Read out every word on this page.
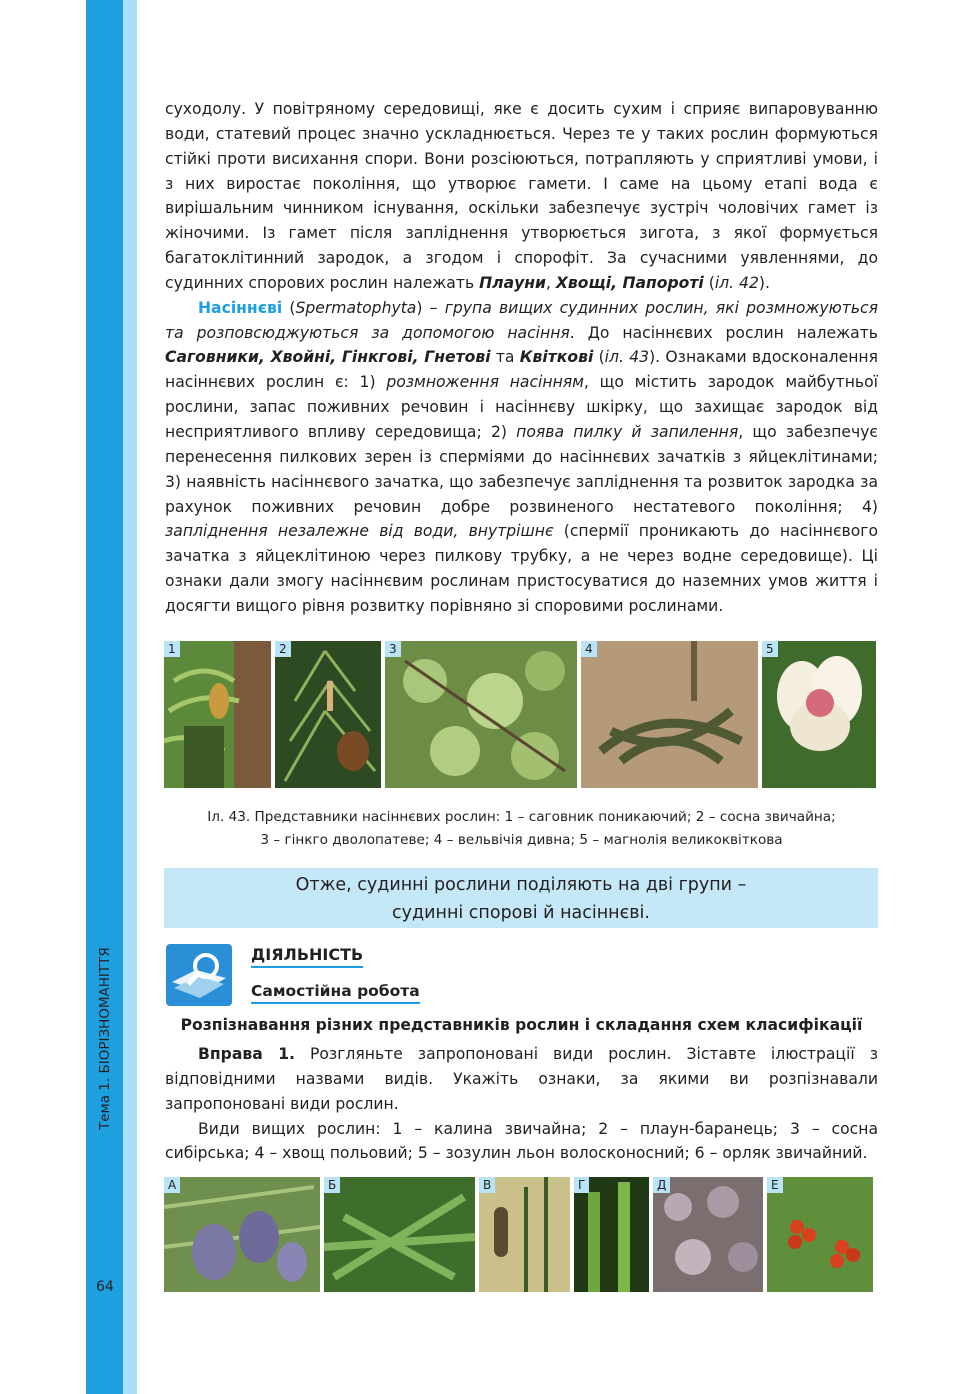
Тема 1. БІОРІЗНОМАНІТТЯ
64

суходолу. У повітряному середовищі, яке є досить сухим і сприяє випаровуванню води, статевий процес значно ускладнюється. Через те у таких рослин формуються стійкі проти висихання спори. Вони розсіюються, потрапляють у сприятливі умови, і з них виростає покоління, що утворює гамети. І саме на цьому етапі вода є вирішальним чинником існування, оскільки забезпечує зустріч чоловічих гамет із жіночими. Із гамет після запліднення утворюється зигота, з якої формується багатоклітинний зародок, а згодом і спорофіт. За сучасними уявленнями, до судинних спорових рослин належать Плауни, Хвощі, Папороті (іл. 42).

Насіннєві (Spermatophyta) – група вищих судинних рослин, які розмножуються та розповсюджуються за допомогою насіння. До насіннєвих рослин належать Саговники, Хвойні, Гінкгові, Гнетові та Квіткові (іл. 43). Ознаками вдосконалення насіннєвих рослин є: 1) розмноження насінням, що містить зародок майбутньої рослини, запас поживних речовин і насіннєву шкірку, що захищає зародок від несприятливого впливу середовища; 2) поява пилку й запилення, що забезпечує перенесення пилкових зерен із сперміями до насіннєвих зачатків з яйцеклітинами; 3) наявність насіннєвого зачатка, що забезпечує запліднення та розвиток зародка за рахунок поживних речовин добре розвиненого нестатевого покоління; 4) запліднення незалежне від води, внутрішнє (спермії проникають до насіннєвого зачатка з яйцеклітиною через пилкову трубку, а не через водне середовище). Ці ознаки дали змогу насіннєвим рослинам пристосуватися до наземних умов життя і досягти вищого рівня розвитку порівняно зі споровими рослинами.

1	2	3	4	5
Іл. 43. Представники насіннєвих рослин: 1 – саговник поникаючий; 2 – сосна звичайна;
3 – гінкго дволопатеве; 4 – вельвічія дивна; 5 – магнолія великоквіткова
Отже, судинні рослини поділяють на дві групи –
судинні спорові й насіннєві.
ДІЯЛЬНІСТЬ
Самостійна робота
Розпізнавання різних представників рослин і складання схем класифікації

Вправа 1. Розгляньте запропоновані види рослин. Зіставте ілюстрації з відповідними назвами видів. Укажіть ознаки, за якими ви розпізнавали запропоновані види рослин.

Види вищих рослин: 1 – калина звичайна; 2 – плаун-баранець; 3 – сосна сибірська; 4 – хвощ польовий; 5 – зозулин льон волосконосний; 6 – орляк звичайний.

А	Б	В	Г	Д	Е
